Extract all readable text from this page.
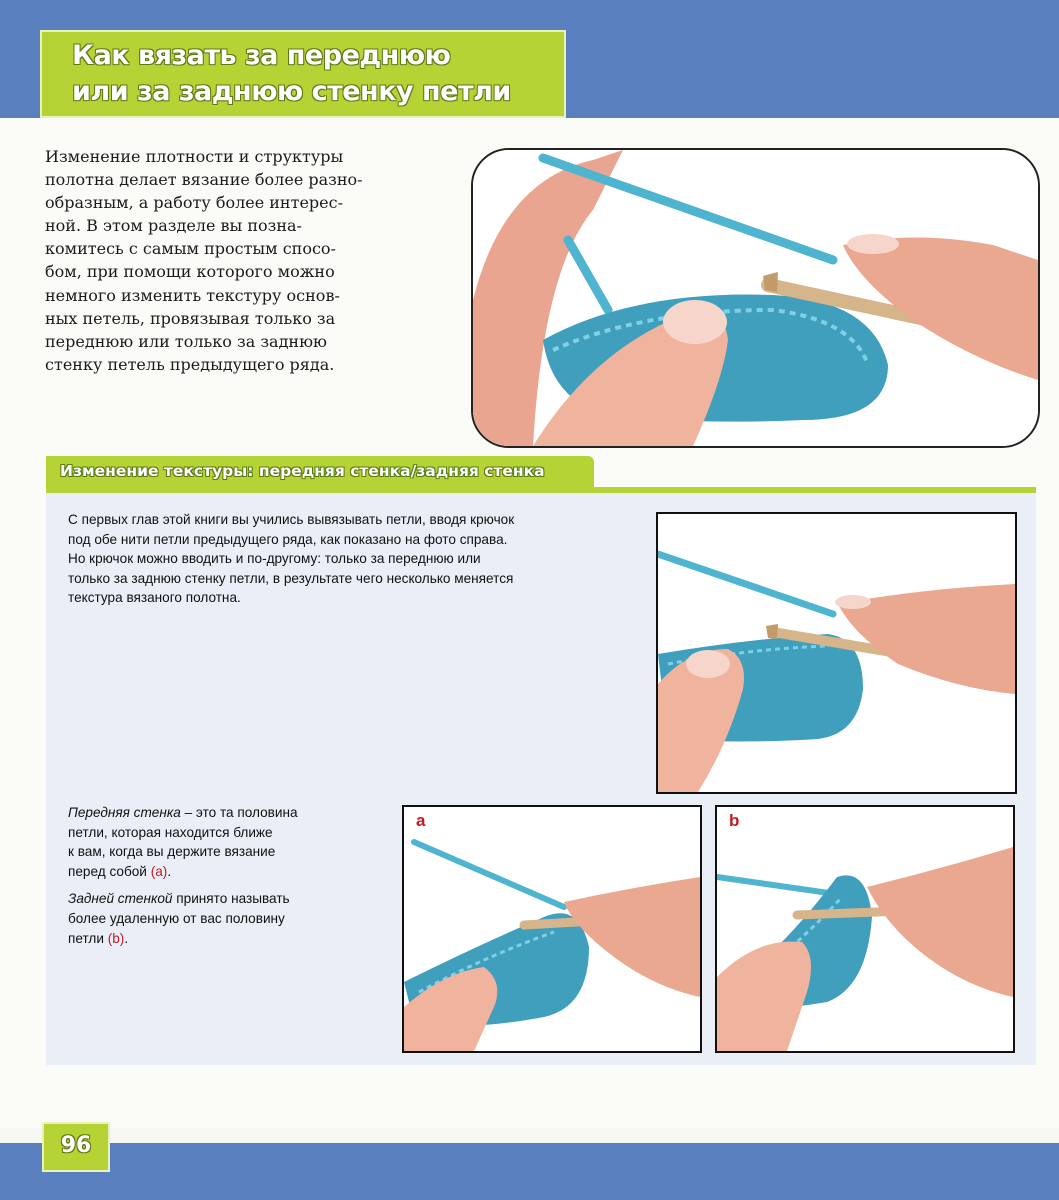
Как вязать за переднюю
или за заднюю стенку петли
Изменение плотности и структуры
полотна делает вязание более разно-
образным, а работу более интерес-
ной. В этом разделе вы позна-
комитесь с самым простым спосо-
бом, при помощи которого можно
немного изменить текстуру основ-
ных петель, провязывая только за
переднюю или только за заднюю
стенку петель предыдущего ряда.
Изменение текстуры: передняя стенка/задняя стенка
С первых глав этой книги вы учились вывязывать петли, вводя крючок
под обе нити петли предыдущего ряда, как показано на фото справа.
Но крючок можно вводить и по-другому: только за переднюю или
только за заднюю стенку петли, в результате чего несколько меняется
текстура вязаного полотна.
Передняя стенка – это та половина
петли, которая находится ближе
к вам, когда вы держите вязание
перед собой (a).
Задней стенкой принято называть
более удаленную от вас половину
петли (b).
a	b
96
